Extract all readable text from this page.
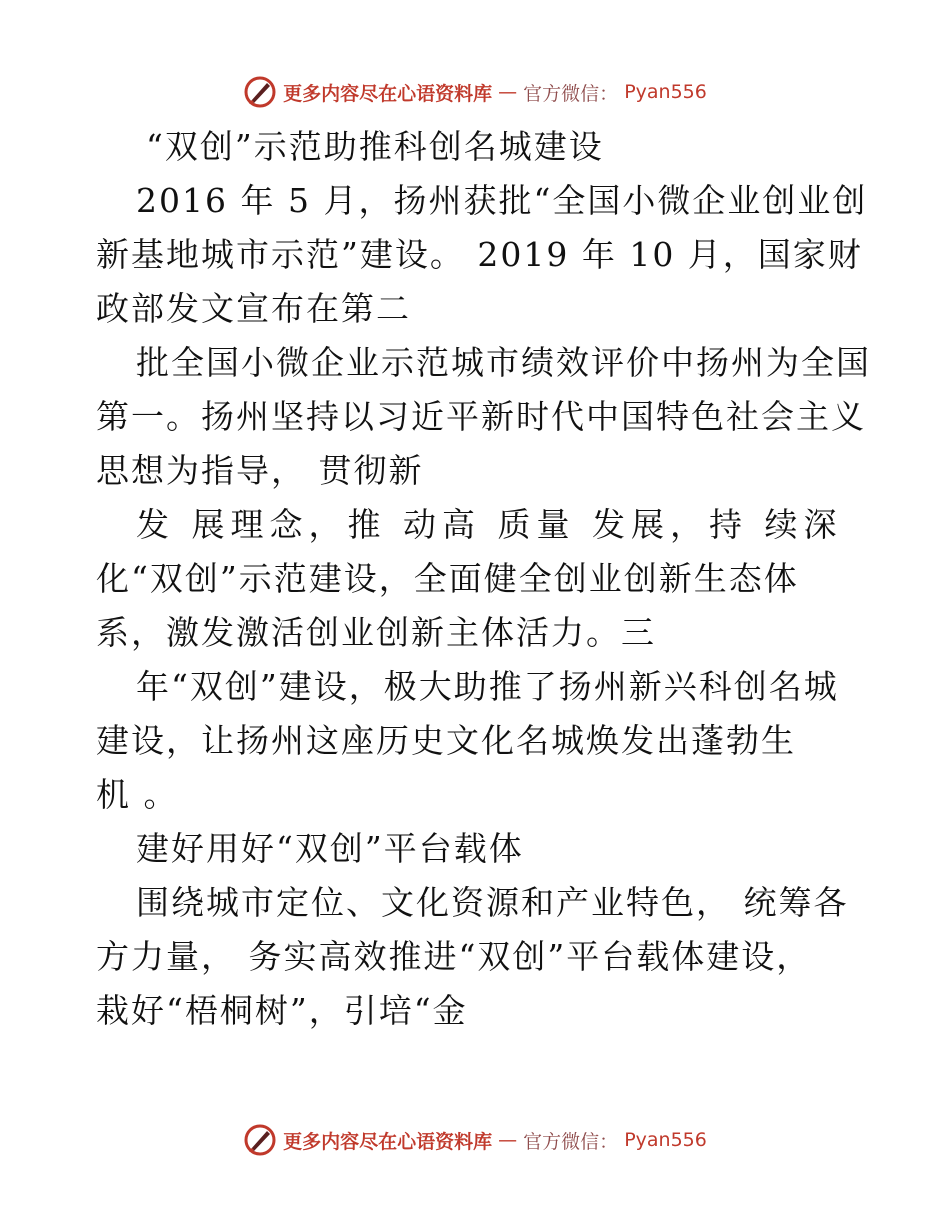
更多内容尽在心语资料库 — 官方微信： Pyan556
“双创”示范助推科创名城建设
2016 年 5 月，扬州获批“全国小微企业创业创
新基地城市示范”建设。 2019 年 10 月，国家财
政部发文宣布在第二
批全国小微企业示范城市绩效评价中扬州为全国
第一。扬州坚持以习近平新时代中国特色社会主义
思想为指导， 贯彻新
发 展理念，推 动高 质量 发展，持 续深
化“双创”示范建设，全面健全创业创新生态体
系，激发激活创业创新主体活力。三
年“双创”建设，极大助推了扬州新兴科创名城
建设，让扬州这座历史文化名城焕发出蓬勃生
机 。
建好用好“双创”平台载体
围绕城市定位、文化资源和产业特色， 统筹各
方力量， 务实高效推进“双创”平台载体建设，
栽好“梧桐树”，引培“金
更多内容尽在心语资料库 — 官方微信： Pyan556
